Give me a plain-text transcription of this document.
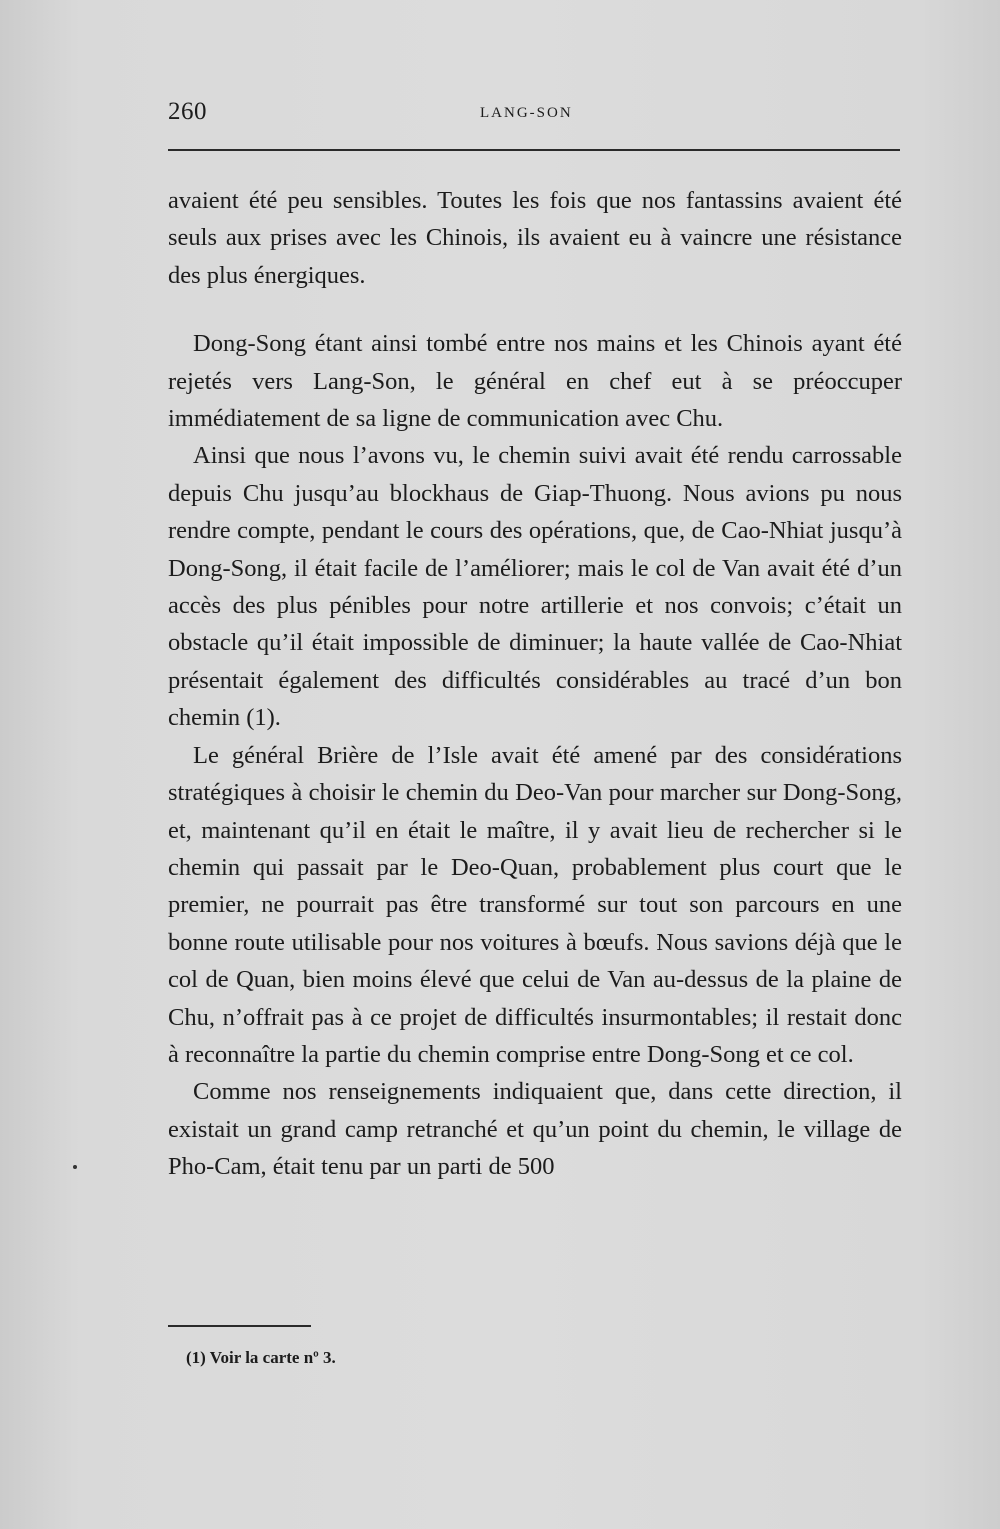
260	LANG-SON

avaient été peu sensibles. Toutes les fois que nos fantassins avaient été seuls aux prises avec les Chinois, ils avaient eu à vaincre une résistance des plus énergiques.

Dong-Song étant ainsi tombé entre nos mains et les Chinois ayant été rejetés vers Lang-Son, le général en chef eut à se préoccuper immédiatement de sa ligne de communication avec Chu.

Ainsi que nous l’avons vu, le chemin suivi avait été rendu carrossable depuis Chu jusqu’au blockhaus de Giap-Thuong. Nous avions pu nous rendre compte, pendant le cours des opérations, que, de Cao-Nhiat jusqu’à Dong-Song, il était facile de l’améliorer; mais le col de Van avait été d’un accès des plus pénibles pour notre artillerie et nos convois; c’était un obstacle qu’il était impossible de diminuer; la haute vallée de Cao-Nhiat présentait également des difficultés considérables au tracé d’un bon chemin (1).

Le général Brière de l’Isle avait été amené par des considérations stratégiques à choisir le chemin du Deo-Van pour marcher sur Dong-Song, et, maintenant qu’il en était le maître, il y avait lieu de rechercher si le chemin qui passait par le Deo-Quan, probablement plus court que le premier, ne pourrait pas être transformé sur tout son parcours en une bonne route utilisable pour nos voitures à bœufs. Nous savions déjà que le col de Quan, bien moins élevé que celui de Van au-dessus de la plaine de Chu, n’offrait pas à ce projet de difficultés insurmontables; il restait donc à reconnaître la partie du chemin comprise entre Dong-Song et ce col.

Comme nos renseignements indiquaient que, dans cette direction, il existait un grand camp retranché et qu’un point du chemin, le village de Pho-Cam, était tenu par un parti de 500

(1) Voir la carte nº 3.
